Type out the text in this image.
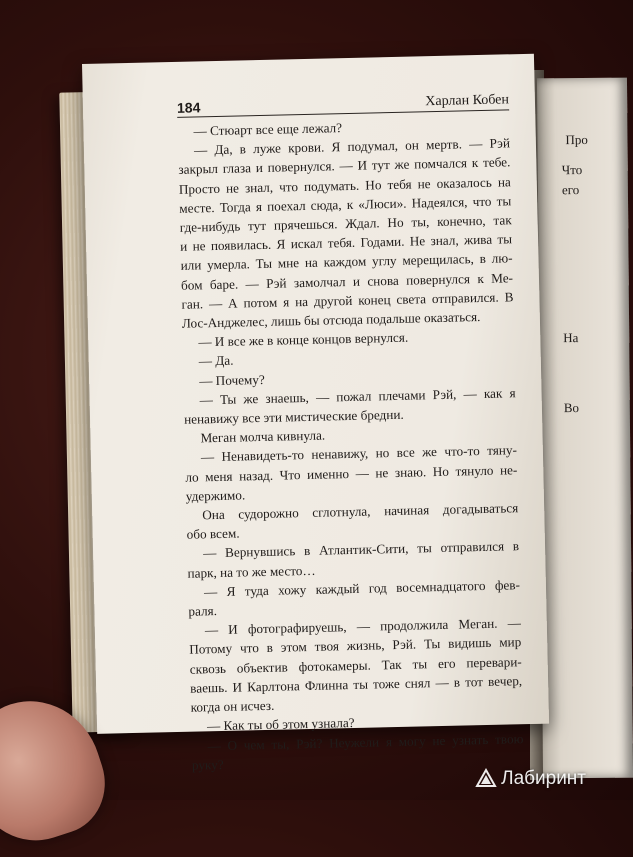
Про
Что
его
На
Во
184	Харлан Кобен
— Стюарт все еще лежал?
— Да, в луже крови. Я подумал, он мертв. — Рэй
закрыл глаза и повернулся. — И тут же помчался к тебе.
Просто не знал, что подумать. Но тебя не оказалось на
месте. Тогда я поехал сюда, к «Люси». Надеялся, что ты
где-нибудь тут прячешься. Ждал. Но ты, конечно, так
и не появилась. Я искал тебя. Годами. Не знал, жива ты
или умерла. Ты мне на каждом углу мерещилась, в лю-
бом баре. — Рэй замолчал и снова повернулся к Ме-
ган. — А потом я на другой конец света отправился. В
Лос-Анджелес, лишь бы отсюда подальше оказаться.
— И все же в конце концов вернулся.
— Да.
— Почему?
— Ты же знаешь, — пожал плечами Рэй, — как я
ненавижу все эти мистические бредни.
Меган молча кивнула.
— Ненавидеть-то ненавижу, но все же что-то тяну-
ло меня назад. Что именно — не знаю. Но тянуло не-
удержимо.
Она судорожно сглотнула, начиная догадываться
обо всем.
— Вернувшись в Атлантик-Сити, ты отправился в
парк, на то же место…
— Я туда хожу каждый год восемнадцатого фев-
раля.
— И фотографируешь, — продолжила Меган. —
Потому что в этом твоя жизнь, Рэй. Ты видишь мир
сквозь объектив фотокамеры. Так ты его перевари-
ваешь. И Карлтона Флинна ты тоже снял — в тот вечер,
когда он исчез.
— Как ты об этом узнала?
— О чем ты, Рэй? Неужели я могу не узнать твою
руку?
Лабиринт
